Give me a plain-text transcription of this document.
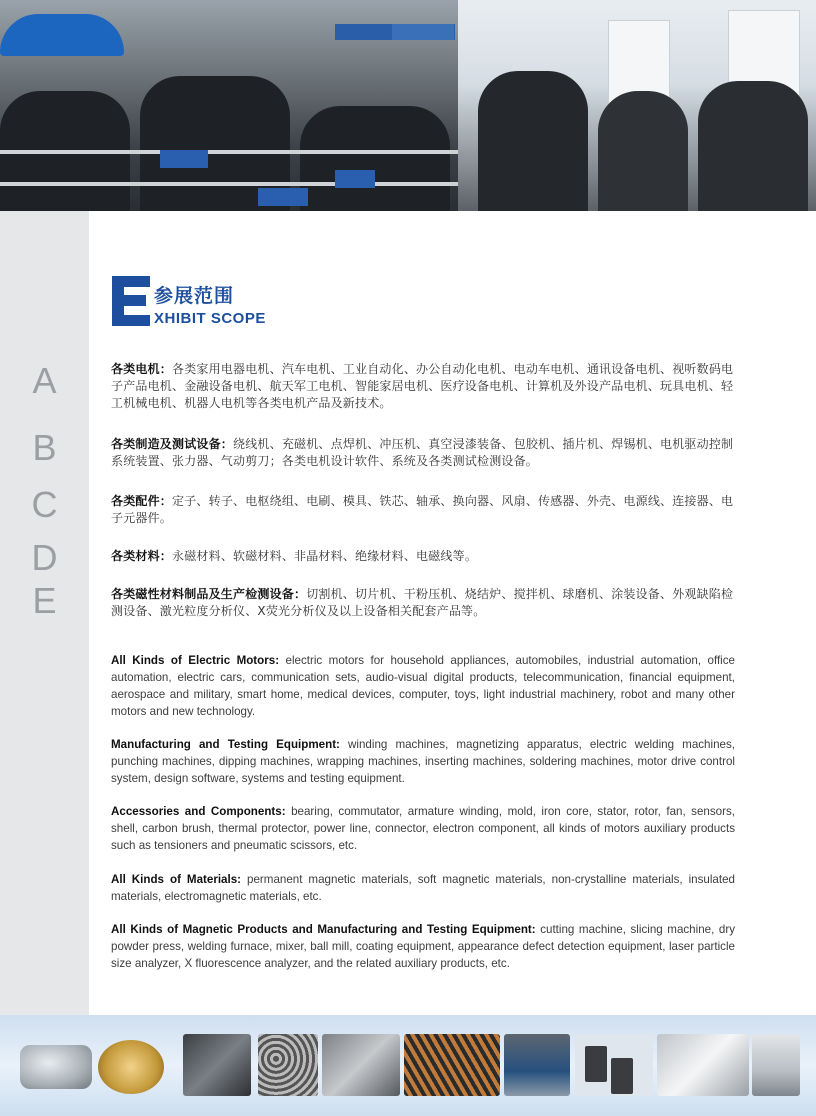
A
B
C
D
E
参展范围
XHIBIT SCOPE

各类电机：各类家用电器电机、汽车电机、工业自动化、办公自动化电机、电动车电机、通讯设备电机、视听数码电子产品电机、金融设备电机、航天军工电机、智能家居电机、医疗设备电机、计算机及外设产品电机、玩具电机、轻工机械电机、机器人电机等各类电机产品及新技术。

各类制造及测试设备：绕线机、充磁机、点焊机、冲压机、真空浸漆装备、包胶机、插片机、焊锡机、电机驱动控制系统装置、张力器、气动剪刀；各类电机设计软件、系统及各类测试检测设备。

各类配件：定子、转子、电枢绕组、电刷、模具、铁芯、轴承、换向器、风扇、传感器、外壳、电源线、连接器、电子元器件。

各类材料：永磁材料、软磁材料、非晶材料、绝缘材料、电磁线等。

各类磁性材料制品及生产检测设备：切割机、切片机、干粉压机、烧结炉、搅拌机、球磨机、涂装设备、外观缺陷检测设备、激光粒度分析仪、X荧光分析仪及以上设备相关配套产品等。

All Kinds of Electric Motors: electric motors for household appliances, automobiles, industrial automation, office automation, electric cars, communication sets, audio-visual digital products, telecommunication, financial equipment, aerospace and military, smart home, medical devices, computer, toys, light industrial machinery, robot and many other motors and new technology.

Manufacturing and Testing Equipment: winding machines, magnetizing apparatus, electric welding machines, punching machines, dipping machines, wrapping machines, inserting machines, soldering machines, motor drive control system, design software, systems and testing equipment.

Accessories and Components: bearing, commutator, armature winding, mold, iron core, stator, rotor, fan, sensors, shell, carbon brush, thermal protector, power line, connector, electron component, all kinds of motors auxiliary products such as tensioners and pneumatic scissors, etc.

All Kinds of Materials: permanent magnetic materials, soft magnetic materials, non-crystalline materials, insulated materials, electromagnetic materials, etc.

All Kinds of Magnetic Products and Manufacturing and Testing Equipment: cutting machine, slicing machine, dry powder press, welding furnace, mixer, ball mill, coating equipment, appearance defect detection equipment, laser particle size analyzer, X fluorescence analyzer, and the related auxiliary products, etc.
